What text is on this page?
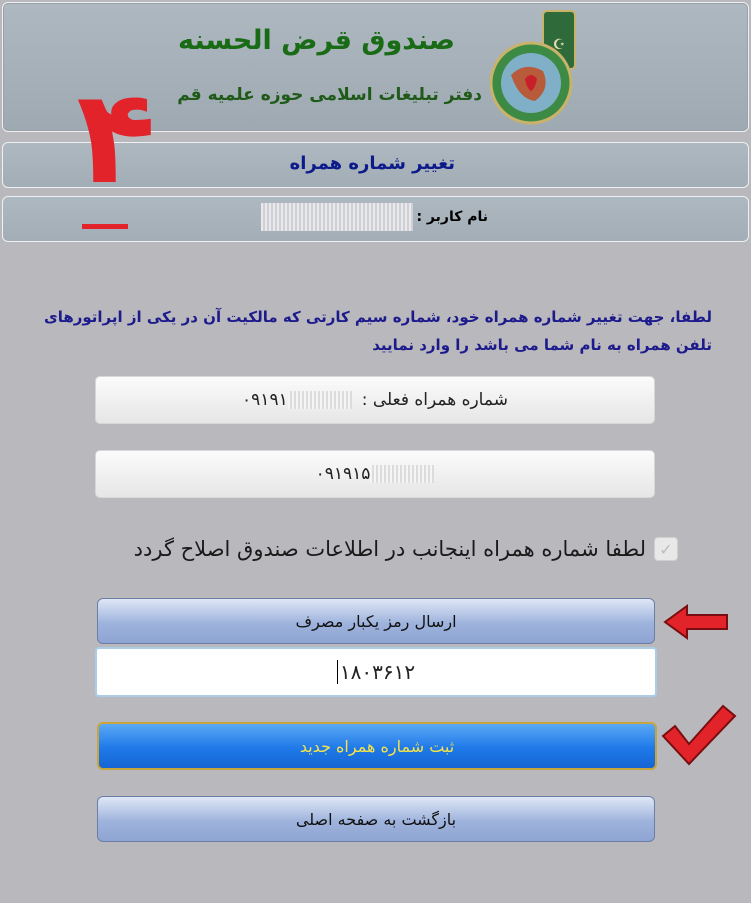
صندوق قرض الحسنه
دفتر تبلیغات اسلامی حوزه علمیه قم
☪
تغییر شماره همراه
نام کاربر :
۴
لطفا، جهت تغییر شماره همراه خود، شماره سیم کارتی که مالکیت آن در یکی از اپراتورهای تلفن همراه به نام شما می باشد را وارد نمایید
شماره همراه فعلی :
۰۹۱۹۱
۰۹۱۹۱۵
✓
لطفا شماره همراه اینجانب در اطلاعات صندوق اصلاح گردد
ارسال رمز یکبار مصرف
۱۸۰۳۶۱۲
ثبت شماره همراه جدید
بازگشت به صفحه اصلی
